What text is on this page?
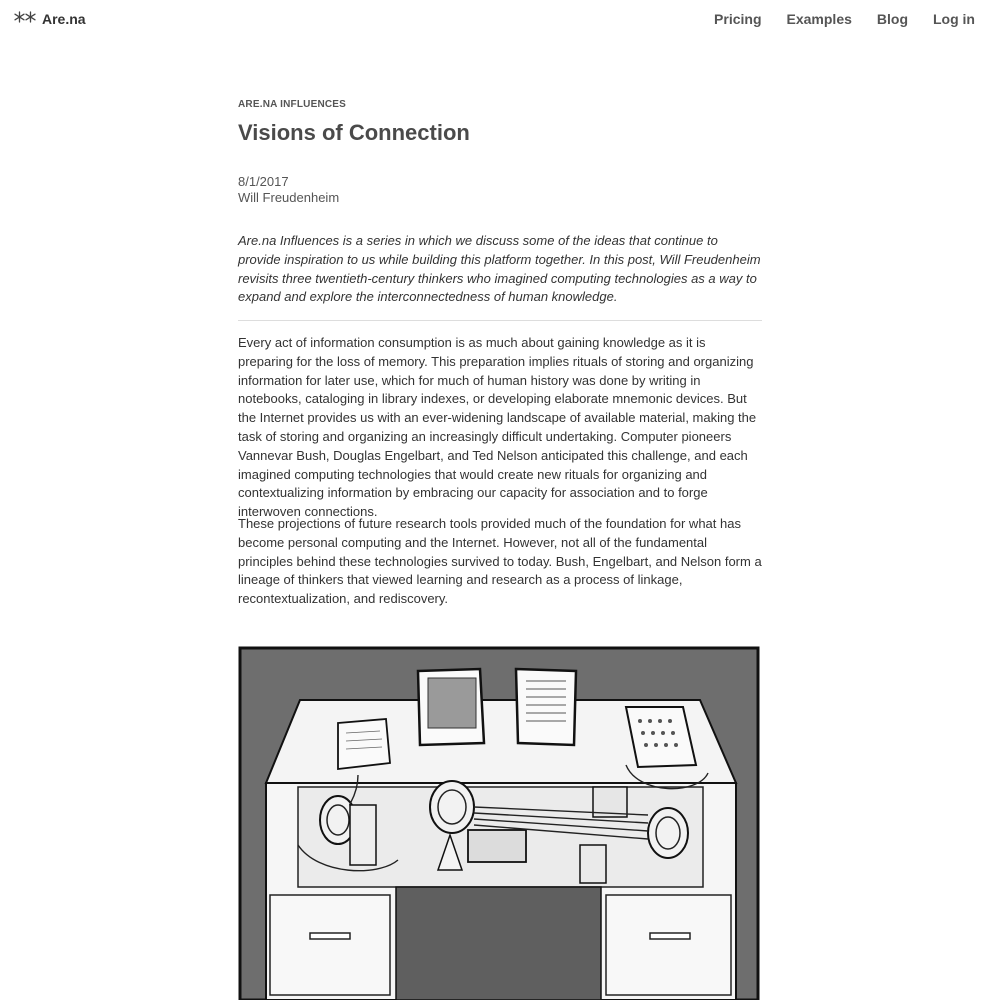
Are.na	Pricing Examples Blog Log in
ARE.NA INFLUENCES
Visions of Connection
8/1/2017
Will Freudenheim
Are.na Influences is a series in which we discuss some of the ideas that continue to provide inspiration to us while building this platform together. In this post, Will Freudenheim revisits three twentieth-century thinkers who imagined computing technologies as a way to expand and explore the interconnectedness of human knowledge.

Every act of information consumption is as much about gaining knowledge as it is preparing for the loss of memory. This preparation implies rituals of storing and organizing information for later use, which for much of human history was done by writing in notebooks, cataloging in library indexes, or developing elaborate mnemonic devices. But the Internet provides us with an ever-widening landscape of available material, making the task of storing and organizing an increasingly difficult undertaking. Computer pioneers Vannevar Bush, Douglas Engelbart, and Ted Nelson anticipated this challenge, and each imagined computing technologies that would create new rituals for organizing and contextualizing information by embracing our capacity for association and to forge interwoven connections.

These projections of future research tools provided much of the foundation for what has become personal computing and the Internet. However, not all of the fundamental principles behind these technologies survived to today. Bush, Engelbart, and Nelson form a lineage of thinkers that viewed learning and research as a process of linkage, recontextualization, and rediscovery.
